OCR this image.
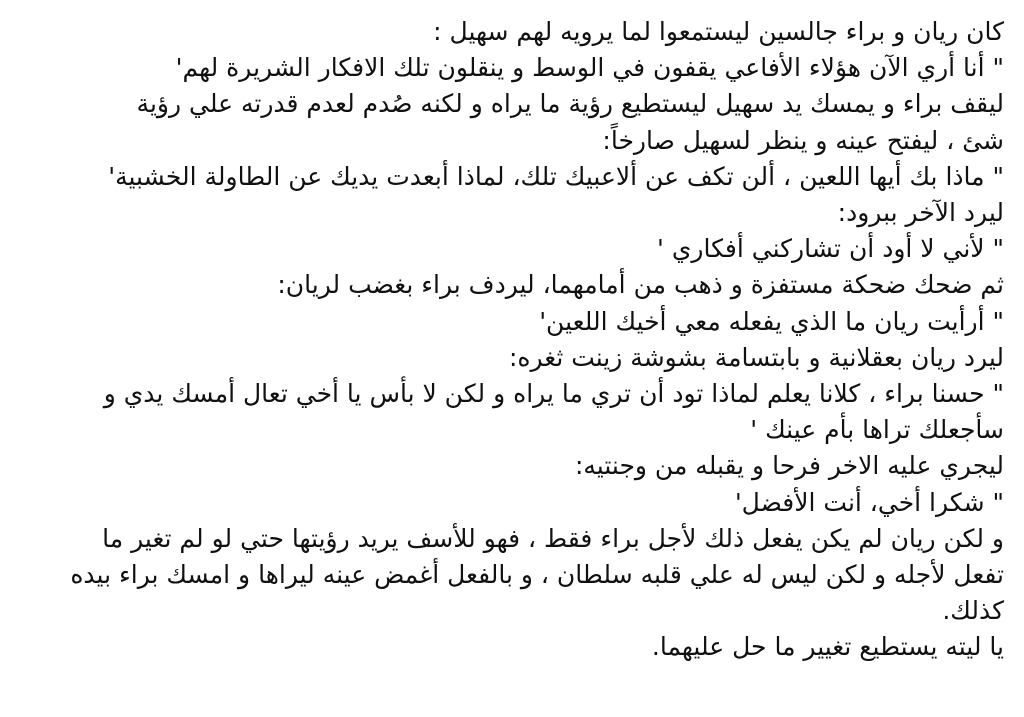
كان ريان و براء جالسين ليستمعوا لما يرويه لهم سهيل :
" أنا أري الآن هؤلاء الأفاعي يقفون في الوسط و ينقلون تلك الافكار الشريرة لهم'
ليقف براء و يمسك يد سهيل ليستطيع رؤية ما يراه و لكنه صُدم لعدم قدرته علي رؤية
شئ ، ليفتح عينه و ينظر لسهيل صارخاً:
" ماذا بك أيها اللعين ، ألن تكف عن ألاعبيك تلك، لماذا أبعدت يديك عن الطاولة الخشبية'
ليرد الآخر ببرود:
" لأني لا أود أن تشاركني أفكاري '
ثم ضحك ضحكة مستفزة و ذهب من أمامهما، ليردف براء بغضب لريان:
" أرأيت ريان ما الذي يفعله معي أخيك اللعين'
ليرد ريان بعقلانية و بابتسامة بشوشة زينت ثغره:
" حسنا براء ، كلانا يعلم لماذا تود أن تري ما يراه و لكن لا بأس يا أخي تعال أمسك يدي و
سأجعلك تراها بأم عينك '
ليجري عليه الاخر فرحا و يقبله من وجنتيه:
" شكرا أخي، أنت الأفضل'
و لكن ريان لم يكن يفعل ذلك لأجل براء فقط ، فهو للأسف يريد رؤيتها حتي لو لم تغير ما
تفعل لأجله و لكن ليس له علي قلبه سلطان ، و بالفعل أغمض عينه ليراها و امسك براء بيده
كذلك.
يا ليته يستطيع تغيير ما حل عليهما.
